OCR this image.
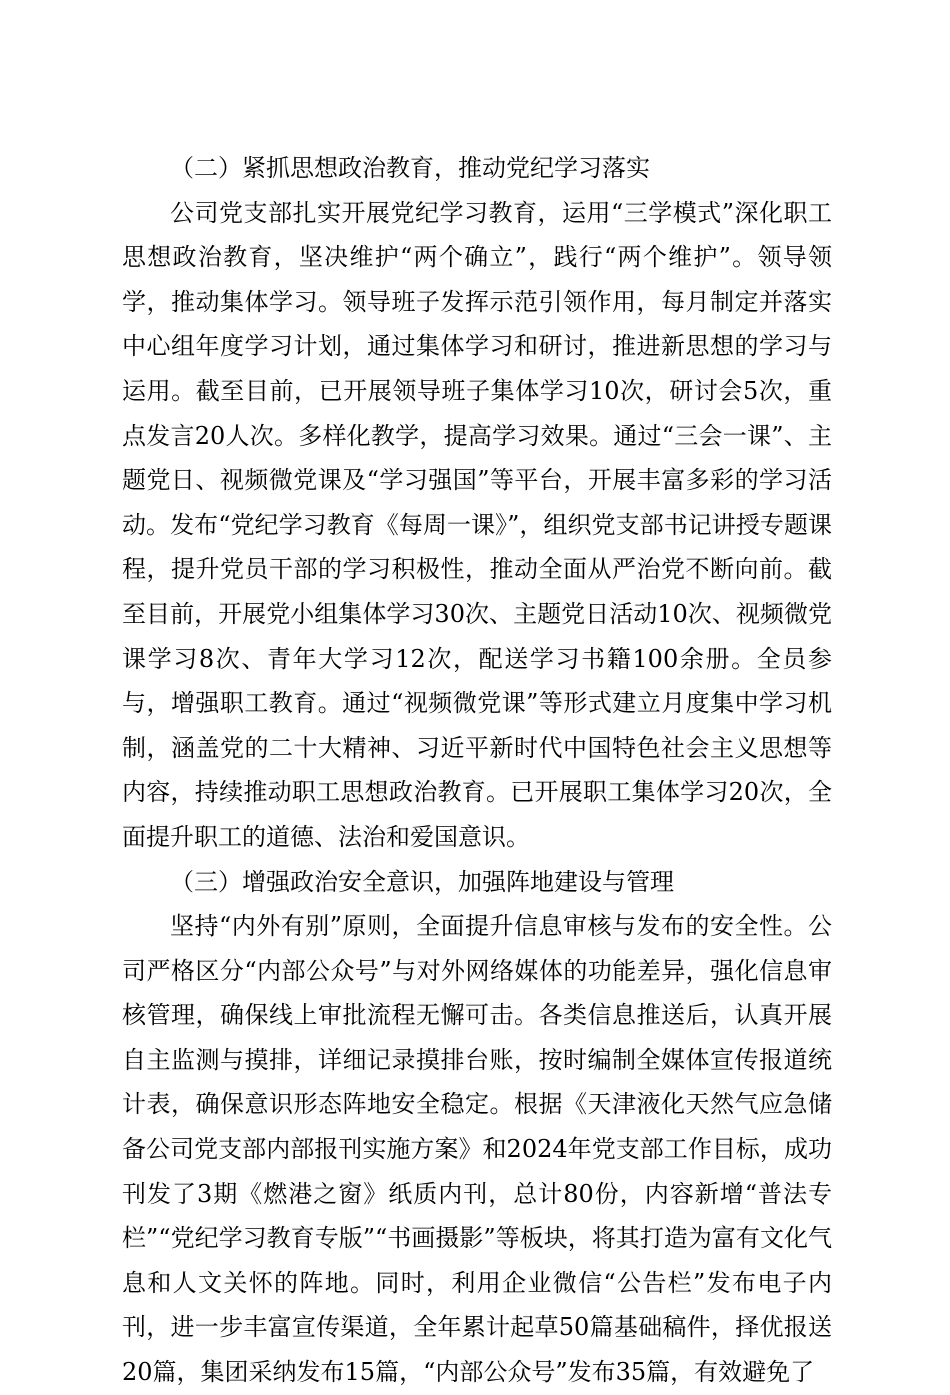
（二）紧抓思想政治教育，推动党纪学习落实

公司党支部扎实开展党纪学习教育，运用“三学模式”深化职工思想政治教育，坚决维护“两个确立”，践行“两个维护”。领导领学，推动集体学习。领导班子发挥示范引领作用，每月制定并落实中心组年度学习计划，通过集体学习和研讨，推进新思想的学习与运用。截至目前，已开展领导班子集体学习10次，研讨会5次，重点发言20人次。多样化教学，提高学习效果。通过“三会一课”、主题党日、视频微党课及“学习强国”等平台，开展丰富多彩的学习活动。发布“党纪学习教育《每周一课》”，组织党支部书记讲授专题课程，提升党员干部的学习积极性，推动全面从严治党不断向前。截至目前，开展党小组集体学习30次、主题党日活动10次、视频微党课学习8次、青年大学习12次，配送学习书籍100余册。全员参与，增强职工教育。通过“视频微党课”等形式建立月度集中学习机制，涵盖党的二十大精神、习近平新时代中国特色社会主义思想等内容，持续推动职工思想政治教育。已开展职工集体学习20次，全面提升职工的道德、法治和爱国意识。

（三）增强政治安全意识，加强阵地建设与管理

坚持“内外有别”原则，全面提升信息审核与发布的安全性。公司严格区分“内部公众号”与对外网络媒体的功能差异，强化信息审核管理，确保线上审批流程无懈可击。各类信息推送后，认真开展自主监测与摸排，详细记录摸排台账，按时编制全媒体宣传报道统计表，确保意识形态阵地安全稳定。根据《天津液化天然气应急储备公司党支部内部报刊实施方案》和2024年党支部工作目标，成功刊发了3期《燃港之窗》纸质内刊，总计80份，内容新增“普法专栏”“党纪学习教育专版”“书画摄影”等板块，将其打造为富有文化气息和人文关怀的阵地。同时，利用企业微信“公告栏”发布电子内刊，进一步丰富宣传渠道，全年累计起草50篇基础稿件，择优报送20篇，集团采纳发布15篇，“内部公众号”发布35篇，有效避免了
